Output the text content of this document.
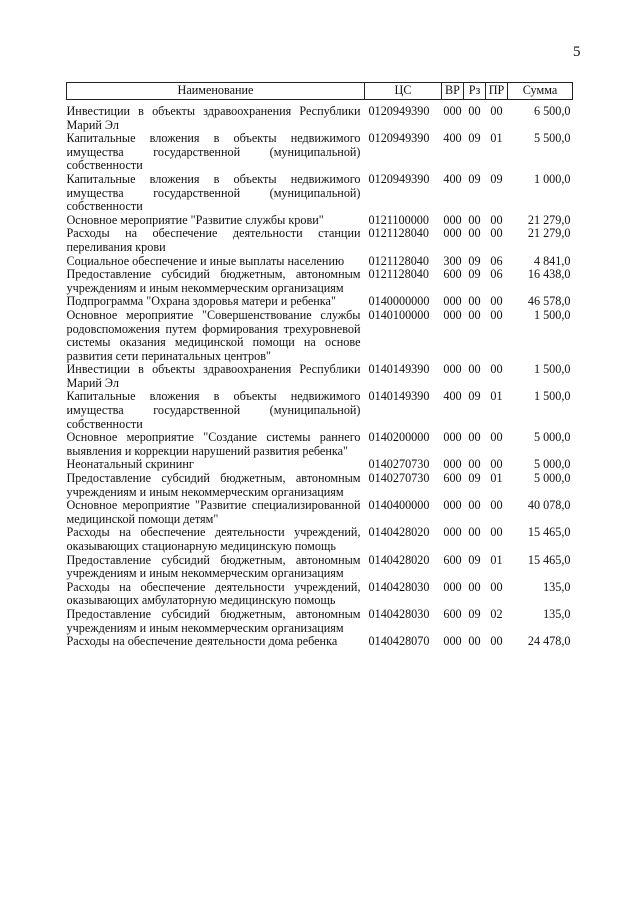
5
Наименование	ЦС	ВР	Рз	ПР	Сумма
Инвестиции в объекты здравоохранения Республики Марий Эл	0120949390	000	00	00	6 500,0
Капитальные вложения в объекты недвижимого имущества государственной (муниципальной) собственности	0120949390	400	09	01	5 500,0
Капитальные вложения в объекты недвижимого имущества государственной (муниципальной) собственности	0120949390	400	09	09	1 000,0
Основное мероприятие "Развитие службы крови"	0121100000	000	00	00	21 279,0
Расходы на обеспечение деятельности станции переливания крови	0121128040	000	00	00	21 279,0
Социальное обеспечение и иные выплаты населению	0121128040	300	09	06	4 841,0
Предоставление субсидий бюджетным, автономным учреждениям и иным некоммерческим организациям	0121128040	600	09	06	16 438,0
Подпрограмма "Охрана здоровья матери и ребенка"	0140000000	000	00	00	46 578,0
Основное мероприятие "Совершенствование службы родовспоможения путем формирования трехуровневой системы оказания медицинской помощи на основе развития сети перинатальных центров"	0140100000	000	00	00	1 500,0
Инвестиции в объекты здравоохранения Республики Марий Эл	0140149390	000	00	00	1 500,0
Капитальные вложения в объекты недвижимого имущества государственной (муниципальной) собственности	0140149390	400	09	01	1 500,0
Основное мероприятие "Создание системы раннего выявления и коррекции нарушений развития ребенка"	0140200000	000	00	00	5 000,0
Неонатальный скрининг	0140270730	000	00	00	5 000,0
Предоставление субсидий бюджетным, автономным учреждениям и иным некоммерческим организациям	0140270730	600	09	01	5 000,0
Основное мероприятие "Развитие специализированной медицинской помощи детям"	0140400000	000	00	00	40 078,0
Расходы на обеспечение деятельности учреждений, оказывающих стационарную медицинскую помощь	0140428020	000	00	00	15 465,0
Предоставление субсидий бюджетным, автономным учреждениям и иным некоммерческим организациям	0140428020	600	09	01	15 465,0
Расходы на обеспечение деятельности учреждений, оказывающих амбулаторную медицинскую помощь	0140428030	000	00	00	135,0
Предоставление субсидий бюджетным, автономным учреждениям и иным некоммерческим организациям	0140428030	600	09	02	135,0
Расходы на обеспечение деятельности дома ребенка	0140428070	000	00	00	24 478,0
